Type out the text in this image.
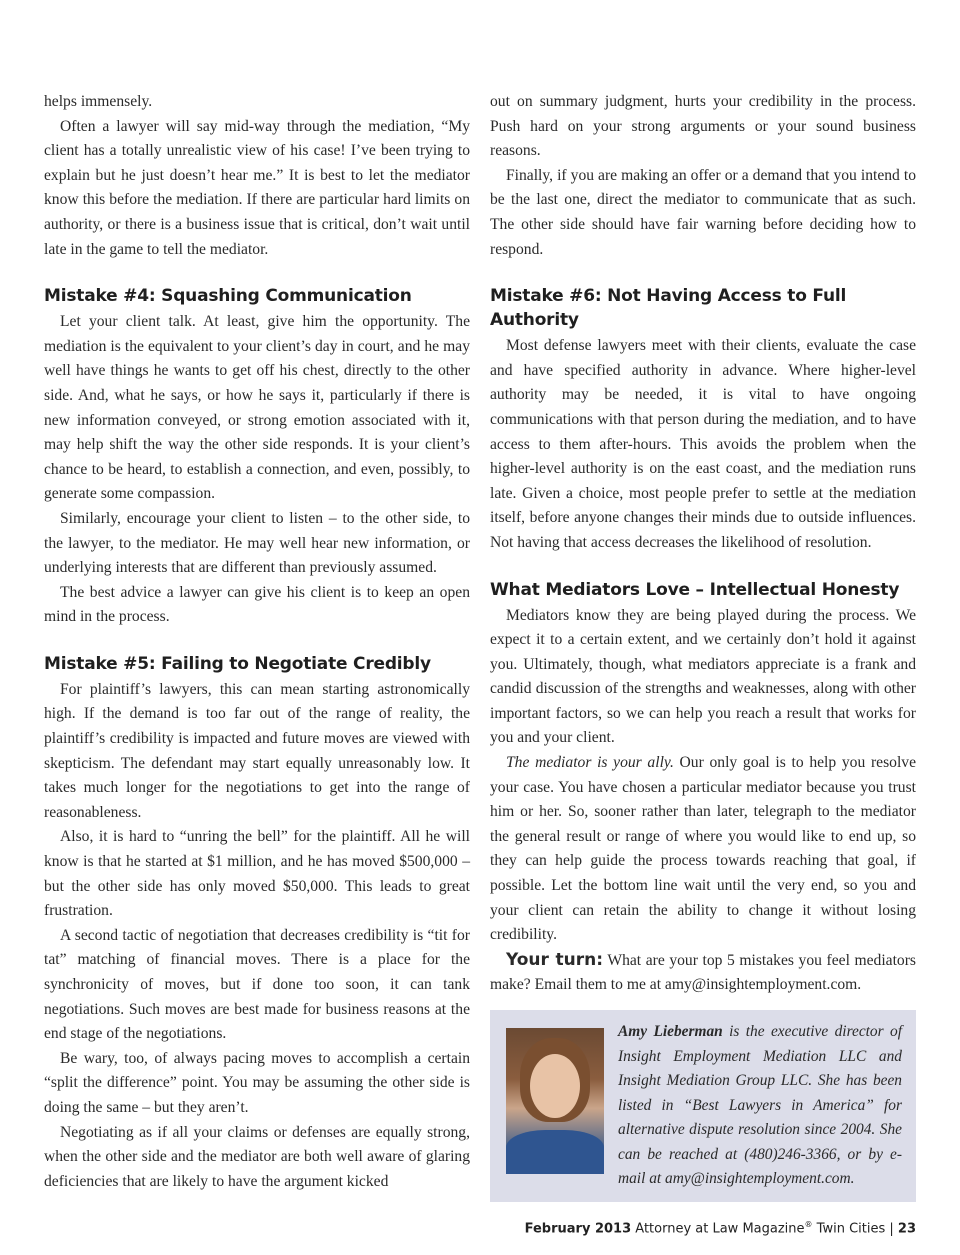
helps immensely.

Often a lawyer will say mid-way through the mediation, “My client has a totally unrealistic view of his case! I’ve been trying to explain but he just doesn’t hear me.” It is best to let the mediator know this before the mediation. If there are particular hard limits on authority, or there is a business issue that is critical, don’t wait until late in the game to tell the mediator.

Mistake #4: Squashing Communication

Let your client talk. At least, give him the opportunity. The mediation is the equivalent to your client’s day in court, and he may well have things he wants to get off his chest, directly to the other side. And, what he says, or how he says it, particularly if there is new information conveyed, or strong emotion associated with it, may help shift the way the other side responds. It is your client’s chance to be heard, to establish a connection, and even, possibly, to generate some compassion.

Similarly, encourage your client to listen – to the other side, to the lawyer, to the mediator. He may well hear new information, or underlying interests that are different than previously assumed.

The best advice a lawyer can give his client is to keep an open mind in the process.

Mistake #5: Failing to Negotiate Credibly

For plaintiff’s lawyers, this can mean starting astronomically high. If the demand is too far out of the range of reality, the plaintiff’s credibility is impacted and future moves are viewed with skepticism. The defendant may start equally unreasonably low. It takes much longer for the negotiations to get into the range of reasonableness.

Also, it is hard to “unring the bell” for the plaintiff. All he will know is that he started at $1 million, and he has moved $500,000 – but the other side has only moved $50,000. This leads to great frustration.

A second tactic of negotiation that decreases credibility is “tit for tat” matching of financial moves. There is a place for the synchronicity of moves, but if done too soon, it can tank negotiations. Such moves are best made for business reasons at the end stage of the negotiations.

Be wary, too, of always pacing moves to accomplish a certain “split the difference” point. You may be assuming the other side is doing the same – but they aren’t.

Negotiating as if all your claims or defenses are equally strong, when the other side and the mediator are both well aware of glaring deficiencies that are likely to have the argument kicked

out on summary judgment, hurts your credibility in the process. Push hard on your strong arguments or your sound business reasons.

Finally, if you are making an offer or a demand that you intend to be the last one, direct the mediator to communicate that as such. The other side should have fair warning before deciding how to respond.

Mistake #6: Not Having Access to Full Authority

Most defense lawyers meet with their clients, evaluate the case and have specified authority in advance. Where higher-level authority may be needed, it is vital to have ongoing communications with that person during the mediation, and to have access to them after-hours. This avoids the problem when the higher-level authority is on the east coast, and the mediation runs late. Given a choice, most people prefer to settle at the mediation itself, before anyone changes their minds due to outside influences. Not having that access decreases the likelihood of resolution.

What Mediators Love – Intellectual Honesty

Mediators know they are being played during the process. We expect it to a certain extent, and we certainly don’t hold it against you. Ultimately, though, what mediators appreciate is a frank and candid discussion of the strengths and weaknesses, along with other important factors, so we can help you reach a result that works for you and your client.

The mediator is your ally. Our only goal is to help you resolve your case. You have chosen a particular mediator because you trust him or her. So, sooner rather than later, telegraph to the mediator the general result or range of where you would like to end up, so they can help guide the process towards reaching that goal, if possible. Let the bottom line wait until the very end, so you and your client can retain the ability to change it without losing credibility.

Your turn: What are your top 5 mistakes you feel mediators make? Email them to me at amy@insightemployment.com.

Amy Lieberman is the executive director of Insight Employment Mediation LLC and Insight Mediation Group LLC. She has been listed in “Best Lawyers in America” for alternative dispute resolution since 2004. She can be reached at (480)246-3366, or by e-mail at amy@insightemployment.com.
February 2013 Attorney at Law Magazine® Twin Cities | 23
